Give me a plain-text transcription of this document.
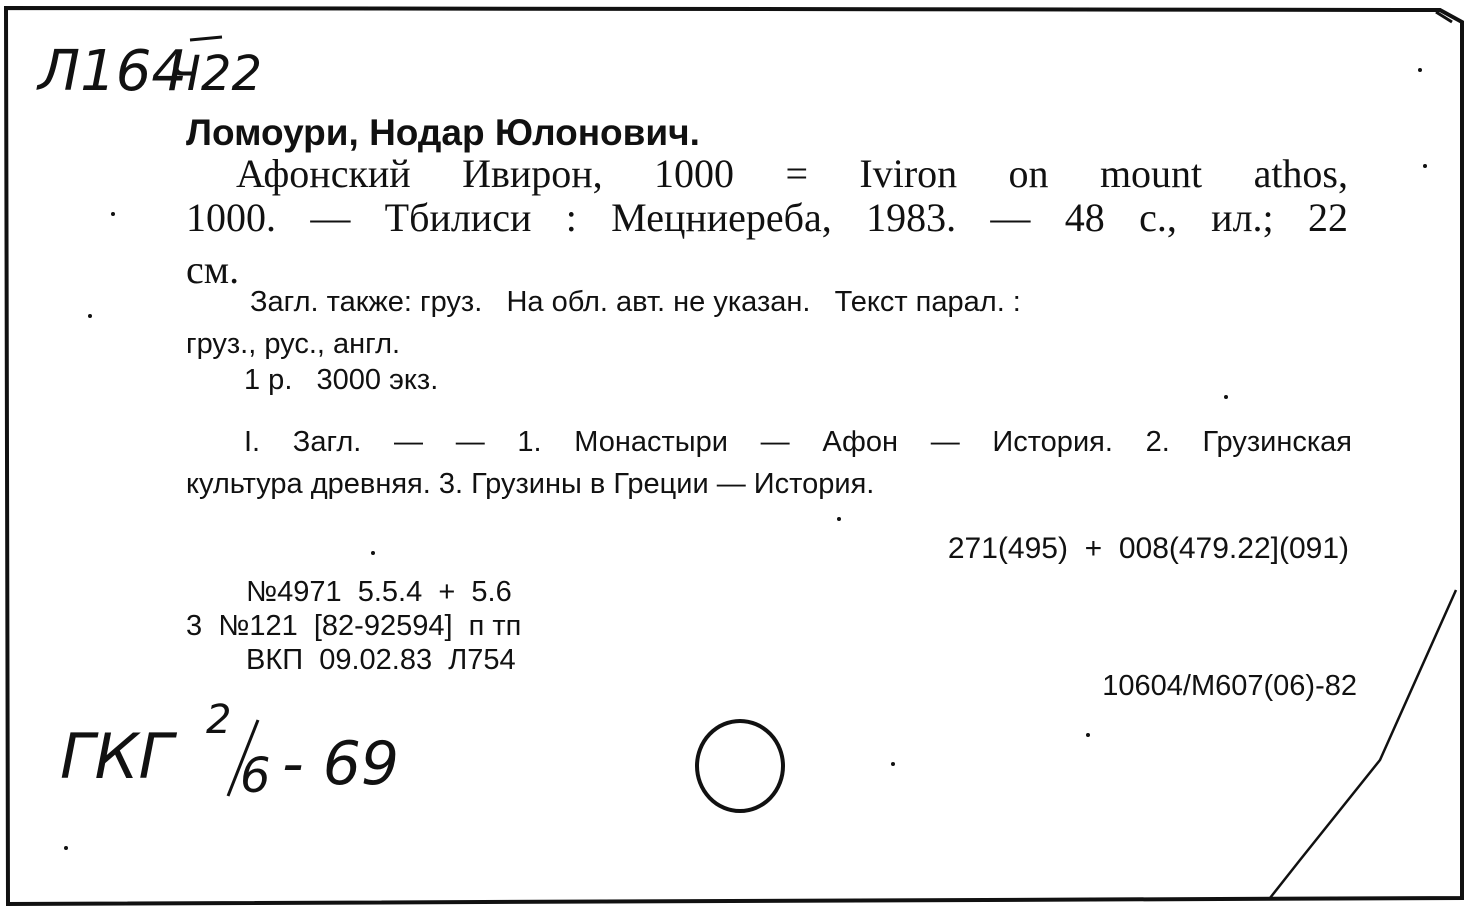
Л164
Ч22
Ломоури, Нодар Юлонович.
Афонский Ивирон, 1000 = Iviron on mount athos,
1000. — Тбилиси : Мецниереба, 1983. — 48 с., ил.; 22
см.
Загл. также: груз.   На обл. авт. не указан.   Текст парал. :
груз., рус., англ.
1 р.   3000 экз.
I. Загл. — — 1. Монастыри — Афон — История. 2. Грузинская
культура древняя. 3. Грузины в Греции — История.
271(495)  +  008(479.22](091)
№4971  5.5.4  +  5.6
3  №121  [82-92594]  п тп
ВКП  09.02.83  Л754
10604/М607(06)-82
ГКГ 2
6 - 69
